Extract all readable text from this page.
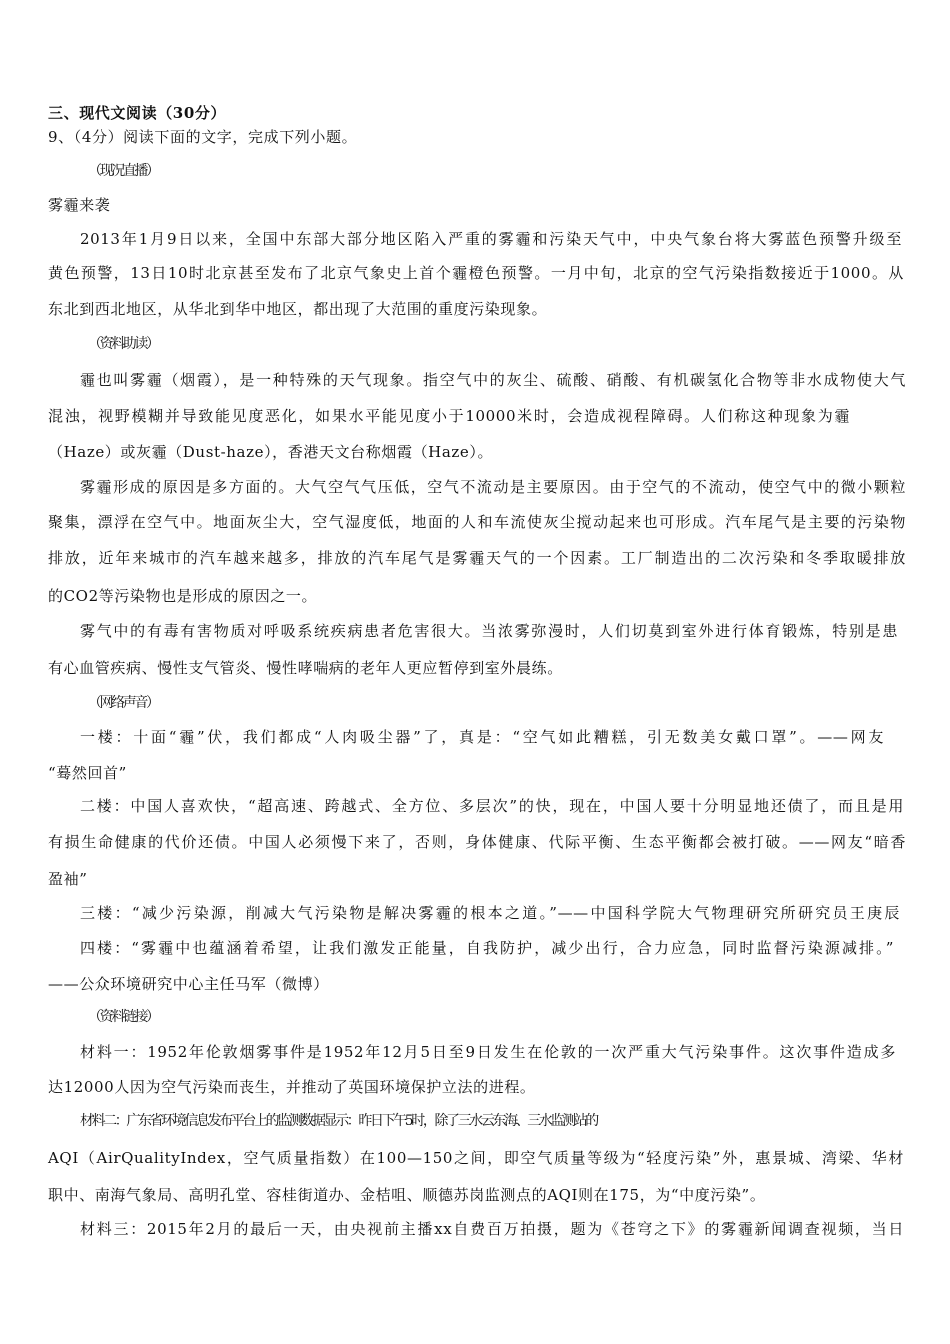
三、现代文阅读（30分）
9、（4分）阅读下面的文字，完成下列小题。
（现况直播）
雾霾来袭
2013年1月9日以来，全国中东部大部分地区陷入严重的雾霾和污染天气中，中央气象台将大雾蓝色预警升级至
黄色预警，13日10时北京甚至发布了北京气象史上首个霾橙色预警。一月中旬，北京的空气污染指数接近于1000。从
东北到西北地区，从华北到华中地区，都出现了大范围的重度污染现象。
（资料助读）
霾也叫雾霾（烟霞），是一种特殊的天气现象。指空气中的灰尘、硫酸、硝酸、有机碳氢化合物等非水成物使大气
混浊，视野模糊并导致能见度恶化，如果水平能见度小于10000米时，会造成视程障碍。人们称这种现象为霾
（Haze）或灰霾（Dust-haze），香港天文台称烟霞（Haze）。
雾霾形成的原因是多方面的。大气空气气压低，空气不流动是主要原因。由于空气的不流动，使空气中的微小颗粒
聚集，漂浮在空气中。地面灰尘大，空气湿度低，地面的人和车流使灰尘搅动起来也可形成。汽车尾气是主要的污染物
排放，近年来城市的汽车越来越多，排放的汽车尾气是雾霾天气的一个因素。工厂制造出的二次污染和冬季取暖排放
的CO2等污染物也是形成的原因之一。
雾气中的有毒有害物质对呼吸系统疾病患者危害很大。当浓雾弥漫时，人们切莫到室外进行体育锻炼，特别是患
有心血管疾病、慢性支气管炎、慢性哮喘病的老年人更应暂停到室外晨练。
（网络声音）
一楼：十面“霾”伏，我们都成“人肉吸尘器”了，真是：“空气如此糟糕，引无数美女戴口罩”。——网友
“蓦然回首”
二楼：中国人喜欢快，“超高速、跨越式、全方位、多层次”的快，现在，中国人要十分明显地还债了，而且是用
有损生命健康的代价还债。中国人必须慢下来了，否则，身体健康、代际平衡、生态平衡都会被打破。——网友“暗香
盈袖”
三楼：“减少污染源，削减大气污染物是解决雾霾的根本之道。”——中国科学院大气物理研究所研究员王庚辰
四楼：“雾霾中也蕴涵着希望，让我们激发正能量，自我防护，减少出行，合力应急，同时监督污染源减排。”
——公众环境研究中心主任马军（微博）
（资料链接）
材料一：1952年伦敦烟雾事件是1952年12月5日至9日发生在伦敦的一次严重大气污染事件。这次事件造成多
达12000人因为空气污染而丧生，并推动了英国环境保护立法的进程。
材料二：广东省环境信息发布平台上的监测数据显示：昨日下午5时，除了三水云东海、三水监测站的
AQI（AirQualityIndex，空气质量指数）在100—150之间，即空气质量等级为“轻度污染”外，惠景城、湾梁、华材
职中、南海气象局、高明孔堂、容桂街道办、金桔咀、顺德苏岗监测点的AQI则在175，为“中度污染”。
材料三：2015年2月的最后一天，由央视前主播xx自费百万拍摄，题为《苍穹之下》的雾霾新闻调查视频，当日
